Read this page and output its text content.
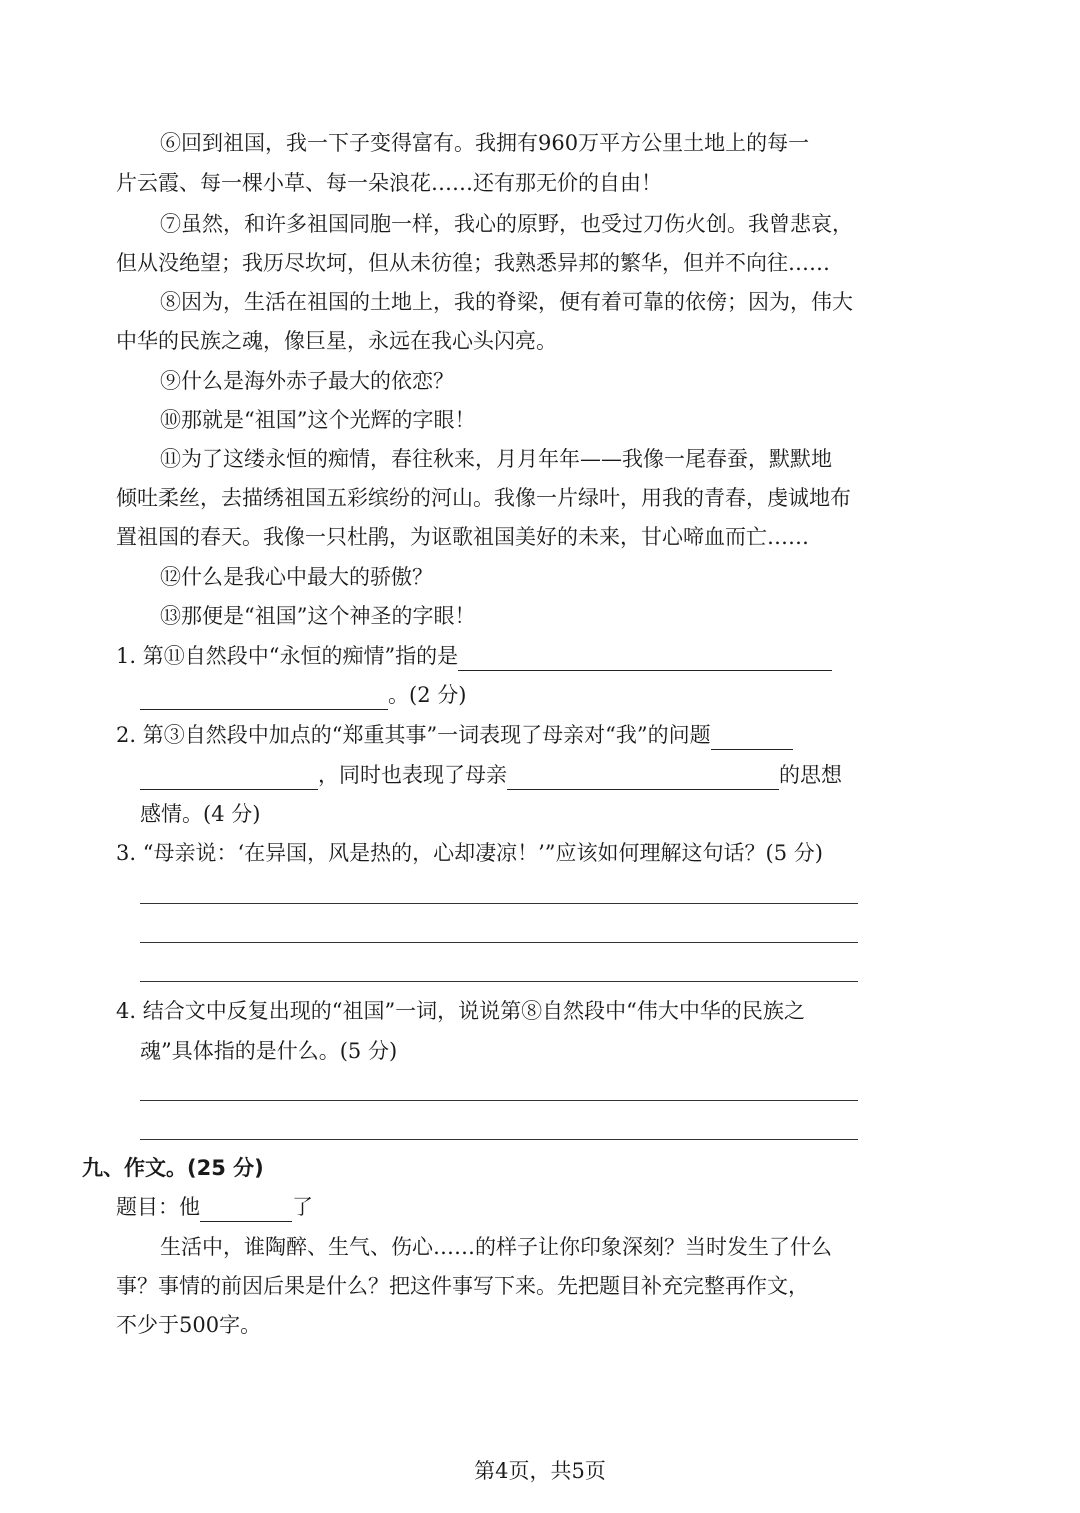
⑥回到祖国，我一下子变得富有。我拥有960万平方公里土地上的每一
片云霞、每一棵小草、每一朵浪花……还有那无价的自由！
⑦虽然，和许多祖国同胞一样，我心的原野，也受过刀伤火创。我曾悲哀，
但从没绝望；我历尽坎坷，但从未彷徨；我熟悉异邦的繁华，但并不向往……
⑧因为，生活在祖国的土地上，我的脊梁，便有着可靠的依傍；因为，伟大
中华的民族之魂，像巨星，永远在我心头闪亮。
⑨什么是海外赤子最大的依恋？
⑩那就是“祖国”这个光辉的字眼！
⑪为了这缕永恒的痴情，春往秋来，月月年年——我像一尾春蚕，默默地
倾吐柔丝，去描绣祖国五彩缤纷的河山。我像一片绿叶，用我的青春，虔诚地布
置祖国的春天。我像一只杜鹃，为讴歌祖国美好的未来，甘心啼血而亡……
⑫什么是我心中最大的骄傲？
⑬那便是“祖国”这个神圣的字眼！
1. 第⑪自然段中“永恒的痴情”指的是
。(2 分)
2. 第③自然段中加点的“郑重其事”一词表现了母亲对“我”的问题
，同时也表现了母亲	的思想
感情。(4 分)
3. “母亲说：‘在异国，风是热的，心却凄凉！’”应该如何理解这句话？(5 分)
4. 结合文中反复出现的“祖国”一词，说说第⑧自然段中“伟大中华的民族之
魂”具体指的是什么。(5 分)
九、作文。(25 分)
题目：他	了
生活中，谁陶醉、生气、伤心……的样子让你印象深刻？当时发生了什么
事？事情的前因后果是什么？把这件事写下来。先把题目补充完整再作文，
不少于500字。
第4页，共5页
